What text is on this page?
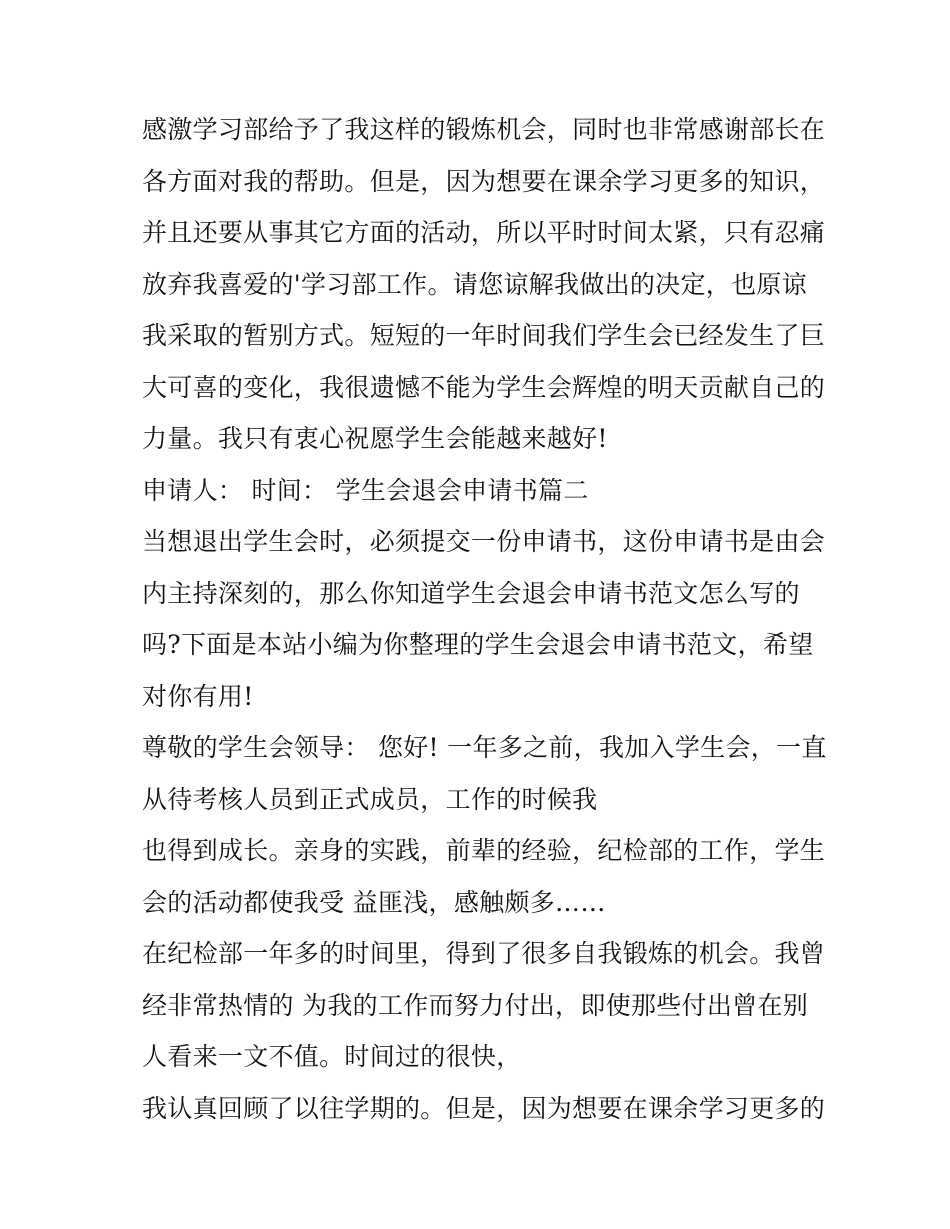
感激学习部给予了我这样的锻炼机会，同时也非常感谢部长在
各方面对我的帮助。但是，因为想要在课余学习更多的知识，
并且还要从事其它方面的活动，所以平时时间太紧，只有忍痛
放弃我喜爱的'学习部工作。请您谅解我做出的决定，也原谅
我采取的暂别方式。短短的一年时间我们学生会已经发生了巨
大可喜的变化，我很遗憾不能为学生会辉煌的明天贡献自己的
力量。我只有衷心祝愿学生会能越来越好!
申请人： 时间： 学生会退会申请书篇二
当想退出学生会时，必须提交一份申请书，这份申请书是由会
内主持深刻的，那么你知道学生会退会申请书范文怎么写的
吗?下面是本站小编为你整理的学生会退会申请书范文，希望
对你有用!
尊敬的学生会领导： 您好! 一年多之前，我加入学生会，一直
从待考核人员到正式成员，工作的时候我
也得到成长。亲身的实践，前辈的经验，纪检部的工作，学生
会的活动都使我受 益匪浅，感触颇多……
在纪检部一年多的时间里，得到了很多自我锻炼的机会。我曾
经非常热情的 为我的工作而努力付出，即使那些付出曾在别
人看来一文不值。时间过的很快，
我认真回顾了以往学期的。但是，因为想要在课余学习更多的
